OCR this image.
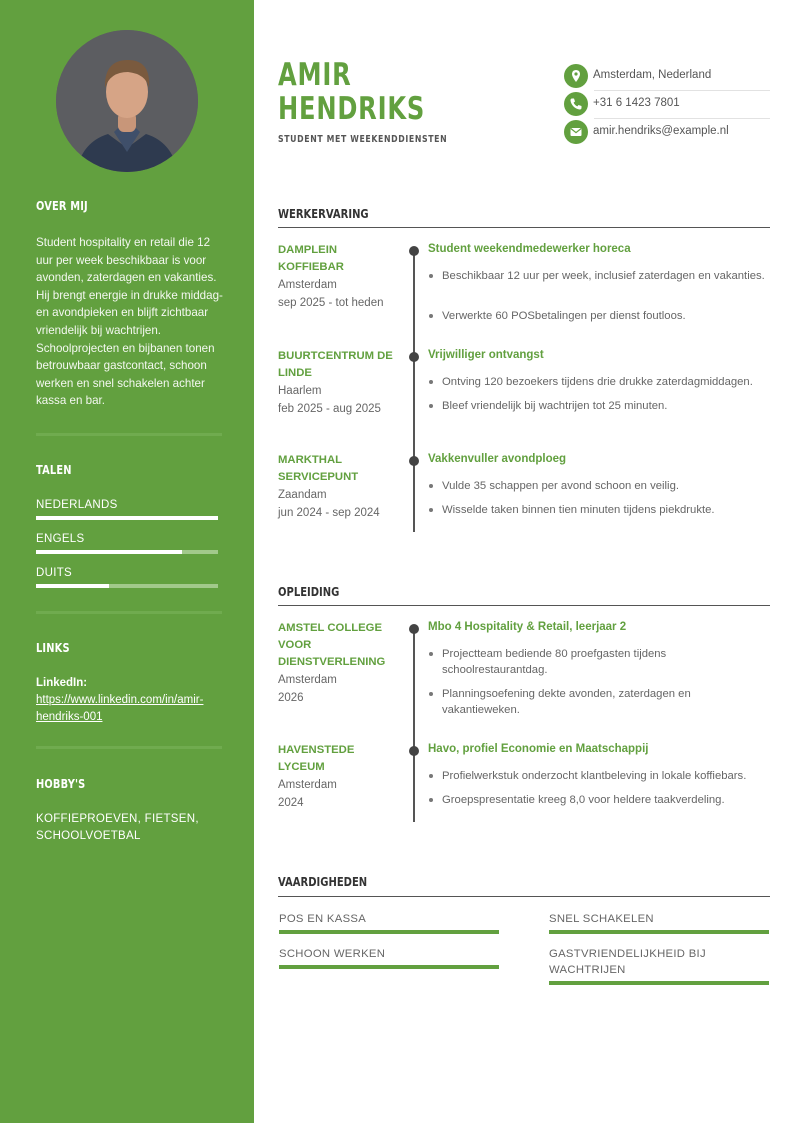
OVER MIJ
Student hospitality en retail die 12 uur per week beschikbaar is voor avonden, zaterdagen en vakanties. Hij brengt energie in drukke middag- en avondpieken en blijft zichtbaar vriendelijk bij wachtrijen. Schoolprojecten en bijbanen tonen betrouwbaar gastcontact, schoon werken en snel schakelen achter kassa en bar.
TALEN
NEDERLANDS
ENGELS
DUITS
LINKS
LinkedIn:
https://www.linkedin.com/in/amir-hendriks-001
HOBBY'S
KOFFIEPROEVEN, FIETSEN, SCHOOLVOETBAL
AMIR
HENDRIKS
STUDENT MET WEEKENDDIENSTEN
Amsterdam, Nederland
+31 6 1423 7801
amir.hendriks@example.nl
WERKERVARING
DAMPLEIN KOFFIEBAR
Amsterdam
sep 2025 - tot heden
Student weekendmedewerker horeca
Beschikbaar 12 uur per week, inclusief zaterdagen en vakanties.
Verwerkte 60 POSbetalingen per dienst foutloos.
BUURTCENTRUM DE LINDE
Haarlem
feb 2025 - aug 2025
Vrijwilliger ontvangst
Ontving 120 bezoekers tijdens drie drukke zaterdagmiddagen.
Bleef vriendelijk bij wachtrijen tot 25 minuten.
MARKTHAL SERVICEPUNT
Zaandam
jun 2024 - sep 2024
Vakkenvuller avondploeg
Vulde 35 schappen per avond schoon en veilig.
Wisselde taken binnen tien minuten tijdens piekdrukte.
OPLEIDING
AMSTEL COLLEGE VOOR DIENSTVERLENING
Amsterdam
2026
Mbo 4 Hospitality & Retail, leerjaar 2
Projectteam bediende 80 proefgasten tijdens schoolrestaurantdag.
Planningsoefening dekte avonden, zaterdagen en vakantieweken.
HAVENSTEDE LYCEUM
Amsterdam
2024
Havo, profiel Economie en Maatschappij
Profielwerkstuk onderzocht klantbeleving in lokale koffiebars.
Groepspresentatie kreeg 8,0 voor heldere taakverdeling.
VAARDIGHEDEN
POS EN KASSA	SNEL SCHAKELEN
SCHOON WERKEN	GASTVRIENDELIJKHEID BIJ WACHTRIJEN
